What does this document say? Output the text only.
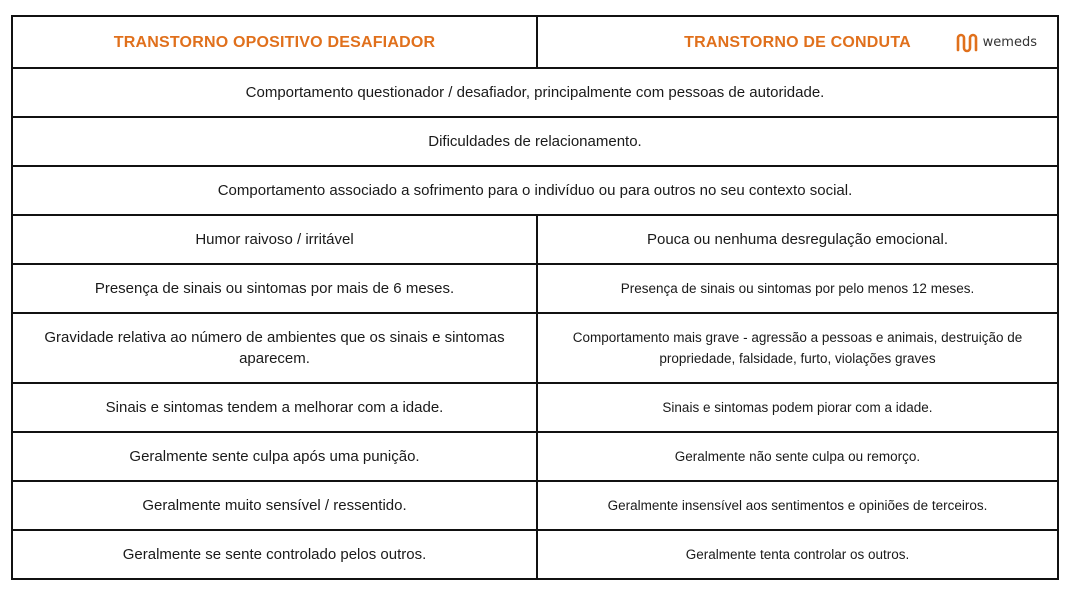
TRANSTORNO OPOSITIVO DESAFIADOR	TRANSTORNO DE CONDUTA wemeds

Comportamento questionador / desafiador, principalmente com pessoas de autoridade.	
Dificuldades de relacionamento.	
Comportamento associado a sofrimento para o indivíduo ou para outros no seu contexto social.	
Humor raivoso / irritável	Pouca ou nenhuma desregulação emocional.
Presença de sinais ou sintomas por mais de 6 meses.	Presença de sinais ou sintomas por pelo menos 12 meses.
Gravidade relativa ao número de ambientes que os sinais e sintomas aparecem.	Comportamento mais grave - agressão a pessoas e animais, destruição de propriedade, falsidade, furto, violações graves
Sinais e sintomas tendem a melhorar com a idade.	Sinais e sintomas podem piorar com a idade.
Geralmente sente culpa após uma punição.	Geralmente não sente culpa ou remorço.
Geralmente muito sensível / ressentido.	Geralmente insensível aos sentimentos e opiniões de terceiros.
Geralmente se sente controlado pelos outros.	Geralmente tenta controlar os outros.
